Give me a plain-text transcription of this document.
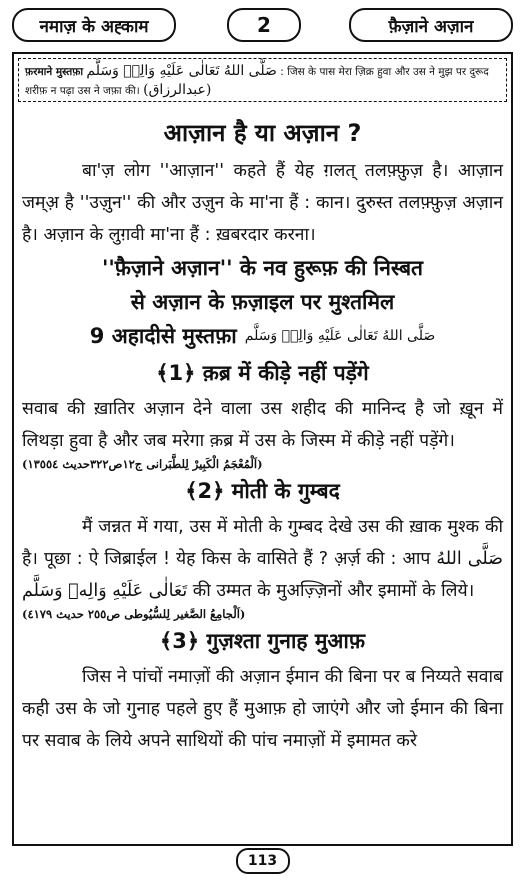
नमाज़ के अह्काम	2	फ़ैज़ाने अज़ान
फ़रमाने मुस्तफ़ा صَلَّى اللهُ تَعَالٰى عَلَيْهِ وَالِهٖ وَسَلَّم : जिस के पास मेरा ज़िक्र हुवा और उस ने मुझ पर दुरूद शरीफ़ न पढ़ा उस ने जफ़ा की। (عبدالرزاق)
आज़ान है या अज़ान ?
बा'ज़ लोग ''आज़ान'' कहते हैं येह ग़लत् तलफ़्फ़ुज़ है। आज़ान जम्अ़ है ''उज़ुन'' की और उज़ुन के मा'ना हैं : कान। दुरुस्त तलफ़्फ़ुज़ अज़ान है। अज़ान के लुग़वी मा'ना हैं : ख़बरदार करना।
''फ़ैज़ाने अज़ान'' के नव हुरूफ़ की निस्बत
से अज़ान के फ़ज़ाइल पर मुश्तमिल
9 अहादीसे मुस्तफ़ा صَلَّى اللهُ تَعَالٰى عَلَيْهِ وَالِهٖ وَسَلَّم
﴾1﴿ क़ब्र में कीड़े नहीं पड़ेंगे
सवाब की ख़ातिर अज़ान देने वाला उस शहीद की मानिन्द है जो ख़ून में लिथड़ा हुवा है और जब मरेगा क़ब्र में उस के जिस्म में कीड़े नहीं पड़ेंगे।
(اَلْمُعْجَمُ الْكَبِيرْ لِلطَّبَرانى ج١٢ص٣٢٢حديث ١٣٥٥٤)
﴾2﴿ मोती के गुम्बद
मैं जन्नत में गया, उस में मोती के गुम्बद देखे उस की ख़ाक मुश्क की है। पूछा : ऐ जिब्राईल ! येह किस के वासिते हैं ? अ़र्ज़ की : आप صَلَّى اللهُ تَعَالٰى عَلَيْهِ وَالِهٖ وَسَلَّم की उम्मत के मुअज़्ज़िनों और इमामों के लिये।
(اَلْجامِعُ الصَّغير لِلسُّيُوطى ص٢٥٥ حديث ٤١٧٩)
﴾3﴿ गुज़श्ता गुनाह मुआफ़
जिस ने पांचों नमाज़ों की अज़ान ईमान की बिना पर ब निय्यते सवाब कही उस के जो गुनाह पहले हुए हैं मुआफ़ हो जाएंगे और जो ईमान की बिना पर सवाब के लिये अपने साथियों की पांच नमाज़ों में इमामत करे
113
